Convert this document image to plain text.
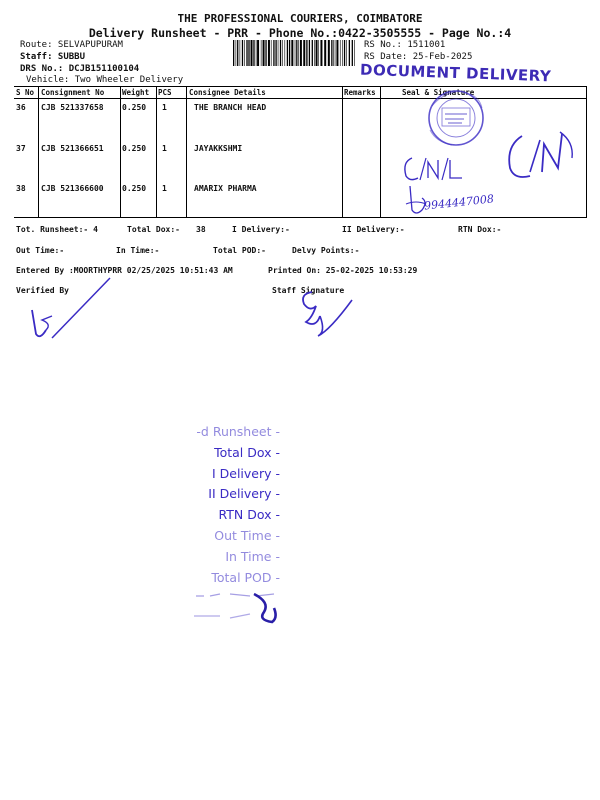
THE PROFESSIONAL COURIERS, COIMBATORE
Delivery Runsheet - PRR - Phone No.:0422-3505555 - Page No.:4
Route: SELVAPUPURAM
Staff: SUBBU
DRS No.: DCJB151100104
Vehicle: Two Wheeler Delivery
RS No.: 1511001
RS Date: 25-Feb-2025
DOCUMENT DELIVERY
S No Consignment No Weight PCS Consignee Details	Remarks	Seal & Signature
36 CJB 521337658 0.250 1	THE BRANCH HEAD
37 CJB 521366651 0.250 1	JAYAKKSHMI
38 CJB 521366600 0.250 1	AMARIX PHARMA
9944447008
Tot. Runsheet:- 4	Total Dox:- 38	I Delivery:-	II Delivery:-	RTN Dox:-
Out Time:-	In Time:-	Total POD:-	Delvy Points:-
Entered By :MOORTHYPRR 02/25/2025 10:51:43 AM	Printed On: 25-02-2025 10:53:29
Verified By	Staff Signature
-d Runsheet -
Total Dox -
I Delivery -
II Delivery -
RTN Dox -
Out Time -
In Time -
Total POD -
